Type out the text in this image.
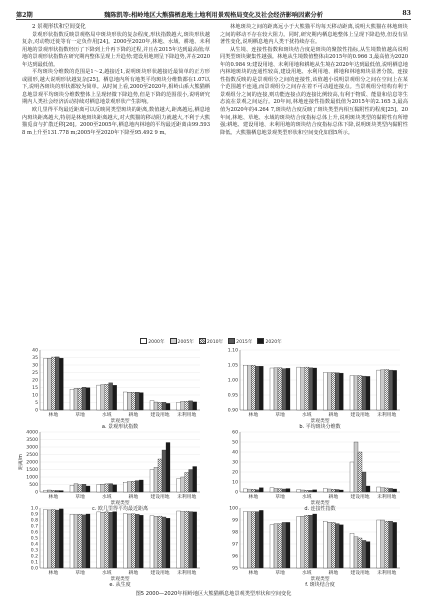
第2期	魏陈凯等:相岭地区大熊猫栖息地土地利用景观格局变化及社会经济影响因素分析	83
2 景观形状和空间变化

景观形状指数反映景观格局中斑块形状的复杂程度,形状指数越大,斑块形状越复杂,对动物迁徙等有一定负作用[24]。2000至2020年,林地、水域、耕地、未利用地的景观形状指数经历了下降到上升再下降的过程,并且在2015年达到最高值;草地的景观形状指数在研究期内整体呈现上升趋势;建设用地则呈下降趋势,并在2020年达到最低值。

平均斑块分维数的范围是1～2,越接近1,说明斑块形状越接近最简单的正方形或圆形,越大说明形状越复杂[25]。栖息地内所有地类平均斑块分维数都在1.07以下,说明各斑块的形状都较为简单。从时间上看,2000至2020年,相岭山系大熊猫栖息地景观平均斑块分维数整体上呈现轻微下降趋势,但是下降的范围很小,说明研究期内人类社会经济活动持续对栖息地景观形状产生影响。

欧几里得平均最近距离可以反映同类型斑块的距离,数值越大,距离越远,栖息地内斑块距离越大,特别是林地斑块距离越大,对大熊猫的移动阻力就越大,不利于大熊猫觅食与扩散迁移[26]。2000至2005年,栖息地内林地的平均最近距离由99.593 8 m上升至131.778 m;2005年至2020年下降至95.492 9 m。

林地斑块之间的距离远小于大熊猫平均每天移动距离,说明大熊猫在林地斑块之间的移动不存在较大阻力。同时,研究期内栖息地整体上呈现下降趋势,但没有显著性变化,说明栖息地内人类干扰持续存在。

从生境、连接性指数和斑块结合度是斑块的聚散性指标,从生境数值越高说明同类型斑块聚集性越强。林地从生境数值整体由2015年的0.966 3,最高值为2020年的0.984 9;建设用地、未利用地和耕地从生境在2020年达到最低值,说明栖息地内林地斑块的连通性较高,建设用地、水利用地、耕地和林地斑块显著分散。连接性指数反映的是景观组分之间的连接性,该值越小说明景观组分之间在空间上在某个范围越不连通,而景观组分之间存在着不可动超连接点。当景观组分结构有利于景观组分之间的连接,则功能连接点的连接比例较高,有利于物质、能量和信息等生态流在景观之间运行。20年间,林地连接性指数最低值为2015年的2.165 3,最高值为2020年的4.264 7,斑块结合度反映了斑块类型内相互黏附性的程度[25]。20年间,林地、草地、水域的斑块结合度指标总体上升,说明斑块类型的黏附性有所增强;耕地、建设用地、未利用地的斑块结合度指标总体下降,说明斑块类型内黏附性降低。大熊猫栖息地景观类型形状和空间变化如图5所示。

2000年	2005年	2010年	2015年	2020年
0
5
10
15
20
25
30
35
40
林地	草地	水域	耕地	建设用地 未利用地
景观类型
a. 景观形状指数
0.90
0.95
1.00
1.05
1.10
林地	草地	水域	耕地	建设用地 未利用地
景观类型
b. 平均斑块分维数
0
500
1000
1500
2000
2500
3000
3500
4000
林地	草地	水域	耕地	建设用地 未利用地
景观类型
距离/m
c. 欧几里得平均最近距离
0
10
20
30
40
50
60
林地	草地	水域	耕地	建设用地 未利用地
景观类型
d. 连接性指数
0.0
0.1
0.2
0.3
0.4
0.5
0.6
0.7
0.8
0.9
1.0
林地	草地	水域	耕地	建设用地 未利用地
景观类型
e. 从生度
95
96
97
98
99
100
林地	草地	水域	耕地	建设用地 未利用地
景观类型
f. 斑块结合度
图5 2000—2020年相岭地区大熊猫栖息地景观类型形状和空间变化
